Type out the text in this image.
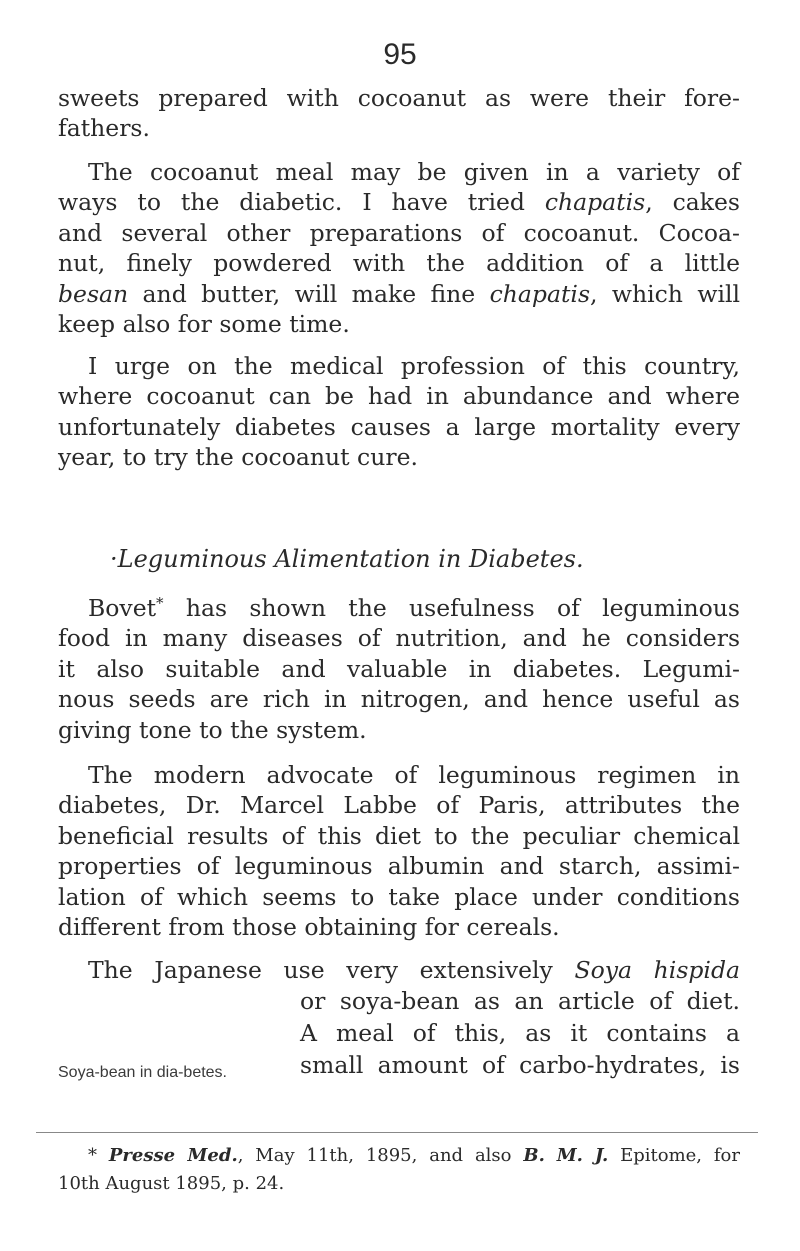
95
sweets prepared with cocoanut as were their fore-
fathers.
The cocoanut meal may be given in a variety of
ways to the diabetic. I have tried chapatis, cakes
and several other preparations of cocoanut. Cocoa-
nut, finely powdered with the addition of a little
besan and butter, will make fine chapatis, which will
keep also for some time.
I urge on the medical profession of this country,
where cocoanut can be had in abundance and where
unfortunately diabetes causes a large mortality every
year, to try the cocoanut cure.
·Leguminous Alimentation in Diabetes.
Bovet* has shown the usefulness of leguminous
food in many diseases of nutrition, and he considers
it also suitable and valuable in diabetes. Legumi-
nous seeds are rich in nitrogen, and hence useful as
giving tone to the system.
The modern advocate of leguminous regimen in
diabetes, Dr. Marcel Labbe of Paris, attributes the
beneficial results of this diet to the peculiar chemical
properties of leguminous albumin and starch, assimi-
lation of which seems to take place under conditions
different from those obtaining for cereals.
The Japanese use very extensively Soya hispida
or soya-bean as an article of diet.
A meal of this, as it contains a
small amount of carbo-hydrates, is
Soya-bean in dia-betes.
* Presse Med., May 11th, 1895, and also B. M. J. Epitome, for
10th August 1895, p. 24.
